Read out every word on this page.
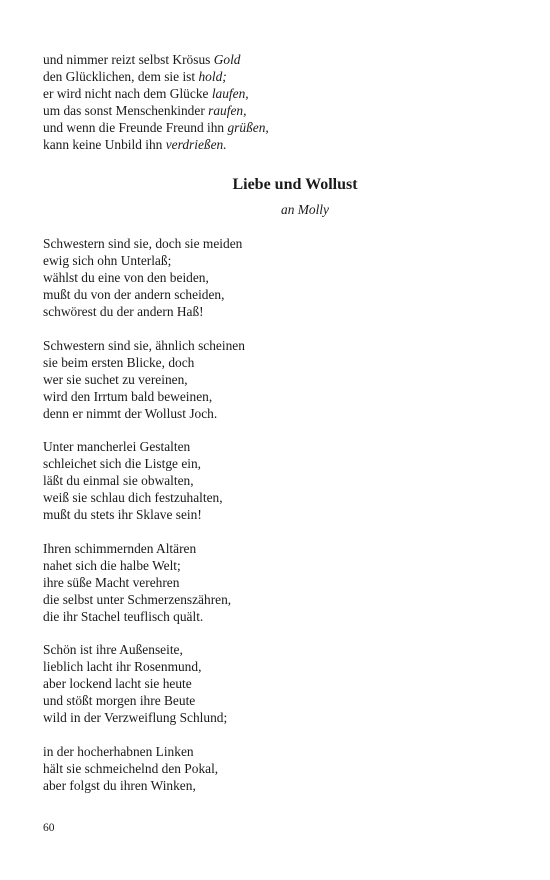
und nimmer reizt selbst Krösus Gold
den Glücklichen, dem sie ist hold;
er wird nicht nach dem Glücke laufen,
um das sonst Menschenkinder raufen,
und wenn die Freunde Freund ihn grüßen,
kann keine Unbild ihn verdrießen.
Liebe und Wollust
an Molly
Schwestern sind sie, doch sie meiden
ewig sich ohn Unterlaß;
wählst du eine von den beiden,
mußt du von der andern scheiden,
schwörest du der andern Haß!
Schwestern sind sie, ähnlich scheinen
sie beim ersten Blicke, doch
wer sie suchet zu vereinen,
wird den Irrtum bald beweinen,
denn er nimmt der Wollust Joch.
Unter mancherlei Gestalten
schleichet sich die Listge ein,
läßt du einmal sie obwalten,
weiß sie schlau dich festzuhalten,
mußt du stets ihr Sklave sein!
Ihren schimmernden Altären
nahet sich die halbe Welt;
ihre süße Macht verehren
die selbst unter Schmerzenszähren,
die ihr Stachel teuflisch quält.
Schön ist ihre Außenseite,
lieblich lacht ihr Rosenmund,
aber lockend lacht sie heute
und stößt morgen ihre Beute
wild in der Verzweiflung Schlund;
in der hocherhabnen Linken
hält sie schmeichelnd den Pokal,
aber folgst du ihren Winken,
60
